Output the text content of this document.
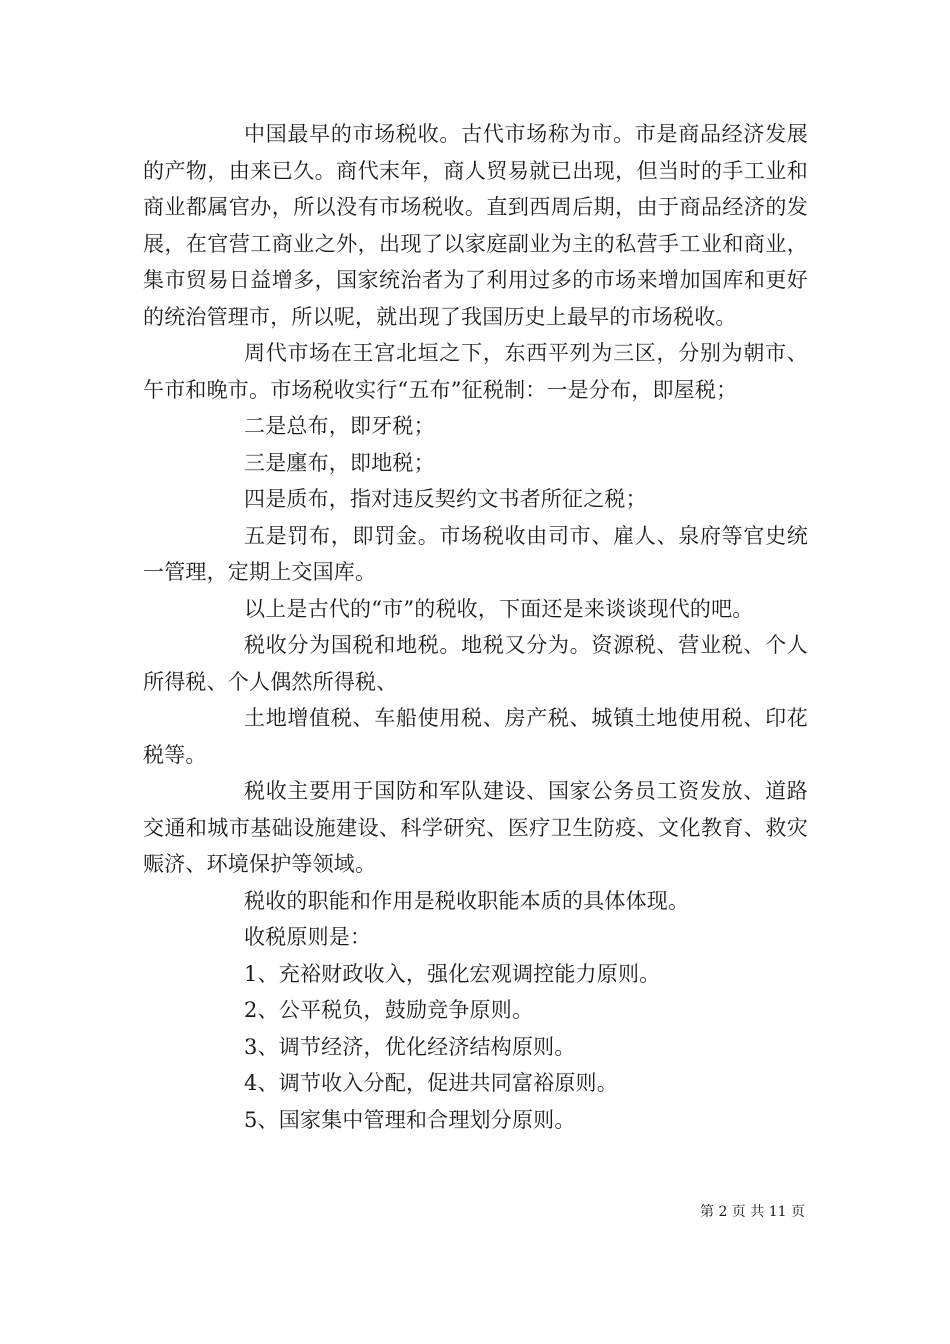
中国最早的市场税收。古代市场称为市。市是商品经济发展的产物，由来已久。商代末年，商人贸易就已出现，但当时的手工业和商业都属官办，所以没有市场税收。直到西周后期，由于商品经济的发展，在官营工商业之外，出现了以家庭副业为主的私营手工业和商业，集市贸易日益增多，国家统治者为了利用过多的市场来增加国库和更好的统治管理市，所以呢，就出现了我国历史上最早的市场税收。

周代市场在王宫北垣之下，东西平列为三区，分别为朝市、午市和晚市。市场税收实行“五布”征税制：一是分布，即屋税；

二是总布，即牙税；

三是廛布，即地税；

四是质布，指对违反契约文书者所征之税；

五是罚布，即罚金。市场税收由司市、雇人、泉府等官史统一管理，定期上交国库。

以上是古代的“市”的税收，下面还是来谈谈现代的吧。

税收分为国税和地税。地税又分为。资源税、营业税、个人所得税、个人偶然所得税、

土地增值税、车船使用税、房产税、城镇土地使用税、印花税等。

税收主要用于国防和军队建设、国家公务员工资发放、道路交通和城市基础设施建设、科学研究、医疗卫生防疫、文化教育、救灾赈济、环境保护等领域。

税收的职能和作用是税收职能本质的具体体现。

收税原则是：

1、充裕财政收入，强化宏观调控能力原则。

2、公平税负，鼓励竞争原则。

3、调节经济，优化经济结构原则。

4、调节收入分配，促进共同富裕原则。

5、国家集中管理和合理划分原则。

第 2 页 共 11 页
